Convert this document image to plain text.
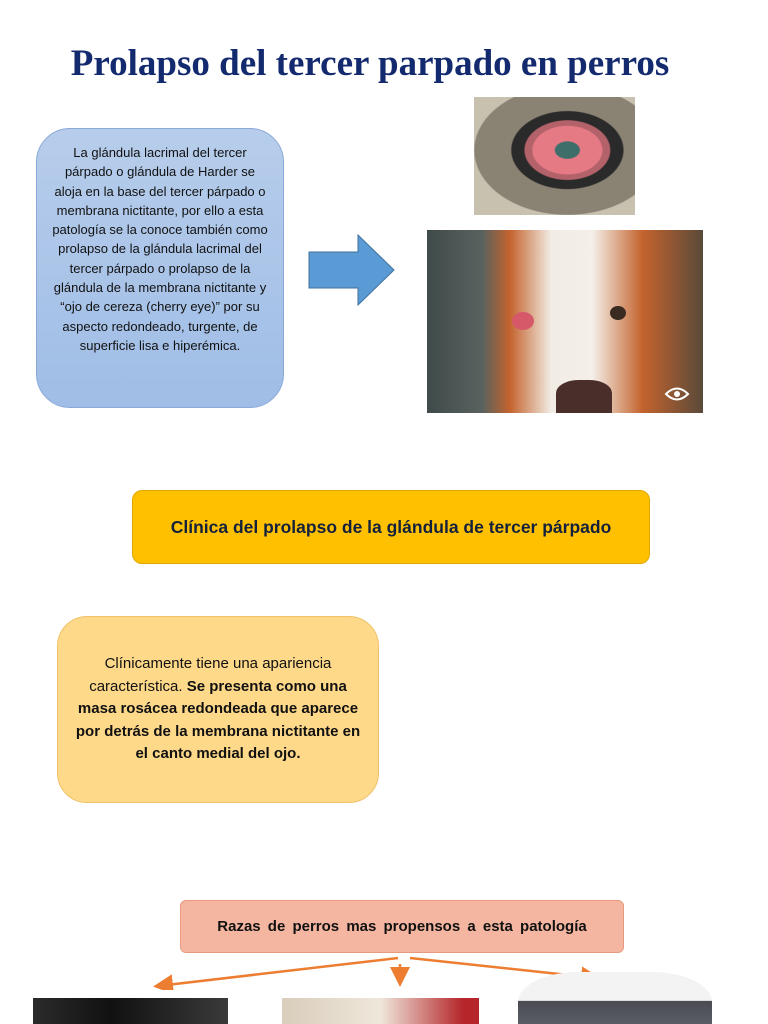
Prolapso del tercer parpado en perros
La glándula lacrimal del tercer párpado o glándula de Harder se aloja en la base del tercer párpado o membrana nictitante, por ello a esta patología se la conoce también como prolapso de la glándula lacrimal del tercer párpado o prolapso de la glándula de la membrana nictitante y “ojo de cereza (cherry eye)” por su aspecto redondeado, turgente, de superficie lisa e hiperémica.
Clínica del prolapso de la glándula de tercer párpado
Clínicamente tiene una apariencia característica. Se presenta como una masa rosácea redondeada que aparece por detrás de la membrana nictitante en el canto medial del ojo.
Razas de perros mas propensos a esta patología
